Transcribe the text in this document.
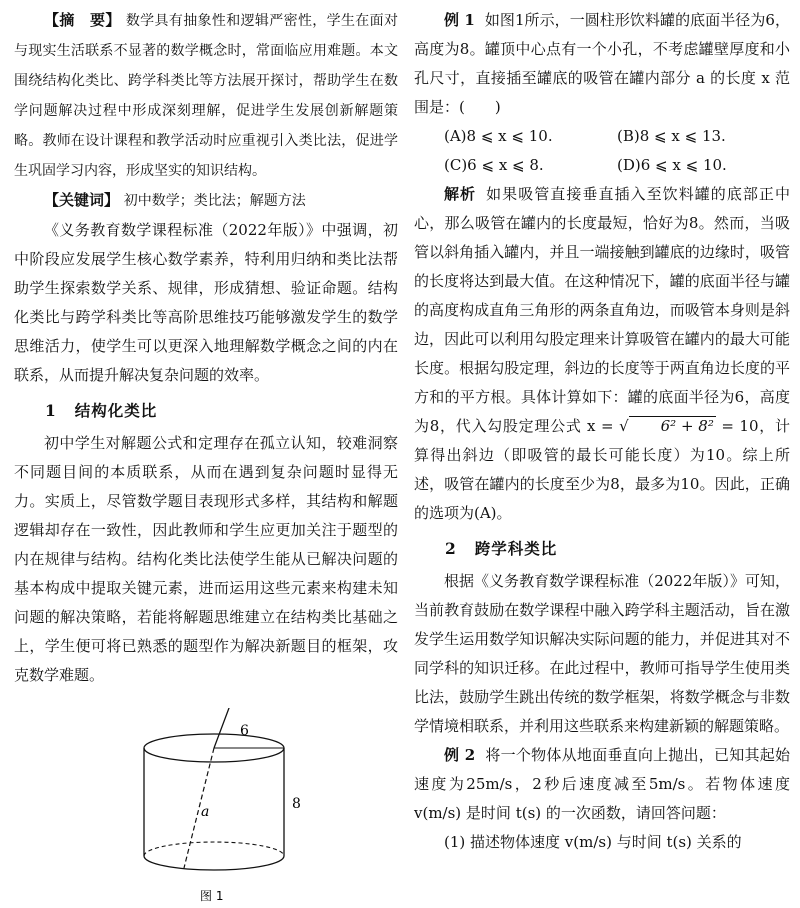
【摘　要】 数学具有抽象性和逻辑严密性，学生在面对与现实生活联系不显著的数学概念时，常面临应用难题。本文围绕结构化类比、跨学科类比等方法展开探讨，帮助学生在数学问题解决过程中形成深刻理解，促进学生发展创新解题策略。教师在设计课程和教学活动时应重视引入类比法，促进学生巩固学习内容，形成坚实的知识结构。

【关键词】 初中数学；类比法；解题方法

《义务教育数学课程标准（2022年版）》中强调，初中阶段应发展学生核心数学素养，特利用归纳和类比法帮助学生探索数学关系、规律，形成猜想、验证命题。结构化类比与跨学科类比等高阶思维技巧能够激发学生的数学思维活力，使学生可以更深入地理解数学概念之间的内在联系，从而提升解决复杂问题的效率。

1 结构化类比

初中学生对解题公式和定理存在孤立认知，较难洞察不同题目间的本质联系，从而在遇到复杂问题时显得无力。实质上，尽管数学题目表现形式多样，其结构和解题逻辑却存在一致性，因此教师和学生应更加关注于题型的内在规律与结构。结构化类比法使学生能从已解决问题的基本构成中提取关键元素，进而运用这些元素来构建未知问题的解决策略，若能将解题思维建立在结构类比基础之上，学生便可将已熟悉的题型作为解决新题目的框架，攻克数学难题。

6
8
a
图 1

例 1 如图1所示，一圆柱形饮料罐的底面半径为6，高度为8。罐顶中心点有一个小孔，不考虑罐壁厚度和小孔尺寸，直接插至罐底的吸管在罐内部分 a 的长度 x 范围是：(　　)

(A)8 ⩽ x ⩽ 10.	(B)8 ⩽ x ⩽ 13.
(C)6 ⩽ x ⩽ 8.	(D)6 ⩽ x ⩽ 10.

解析 如果吸管直接垂直插入至饮料罐的底部正中心，那么吸管在罐内的长度最短，恰好为8。然而，当吸管以斜角插入罐内，并且一端接触到罐底的边缘时，吸管的长度将达到最大值。在这种情况下，罐的底面半径与罐的高度构成直角三角形的两条直角边，而吸管本身则是斜边，因此可以利用勾股定理来计算吸管在罐内的最大可能长度。根据勾股定理，斜边的长度等于两直角边长度的平方和的平方根。具体计算如下：罐的底面半径为6，高度为8，代入勾股定理公式 x = √ 6² + 8² = 10，计算得出斜边（即吸管的最长可能长度）为10。综上所述，吸管在罐内的长度至少为8，最多为10。因此，正确的选项为(A)。

2 跨学科类比

根据《义务教育数学课程标准（2022年版）》可知，当前教育鼓励在数学课程中融入跨学科主题活动，旨在激发学生运用数学知识解决实际问题的能力，并促进其对不同学科的知识迁移。在此过程中，教师可指导学生使用类比法，鼓励学生跳出传统的数学框架，将数学概念与非数学情境相联系，并利用这些联系来构建新颖的解题策略。

例 2 将一个物体从地面垂直向上抛出，已知其起始速度为25m/s，2秒后速度减至5m/s。若物体速度 v(m/s) 是时间 t(s) 的一次函数，请回答问题：

(1) 描述物体速度 v(m/s) 与时间 t(s) 关系的
